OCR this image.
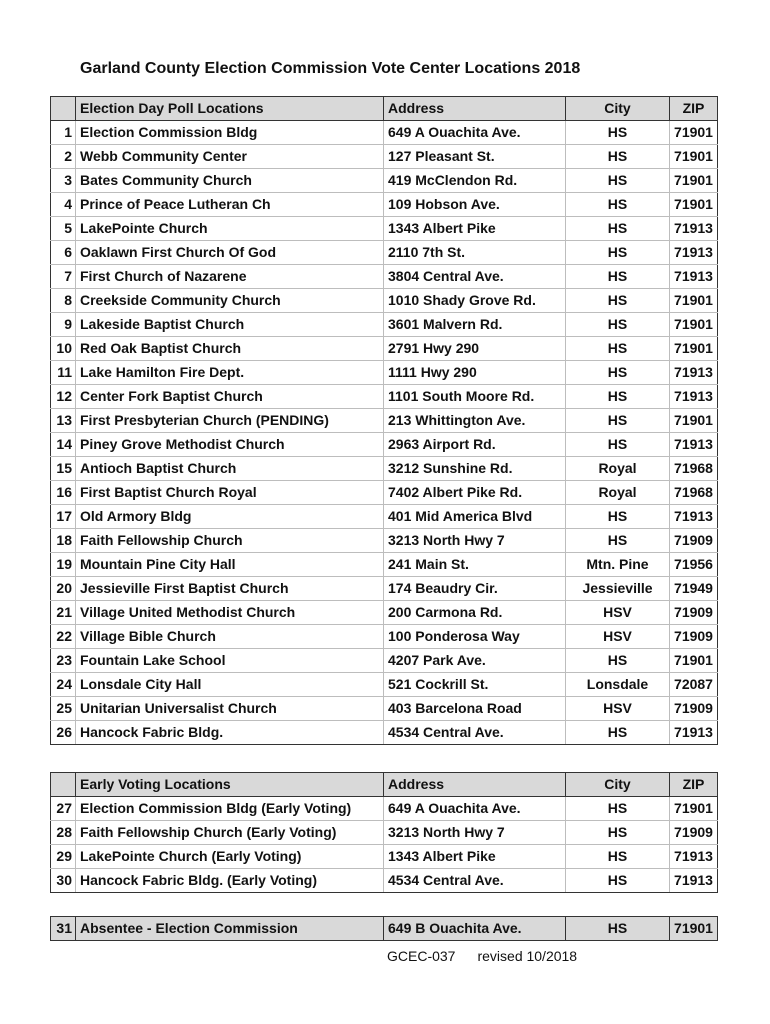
Garland County Election Commission Vote Center Locations 2018
	Election Day Poll Locations	Address	City	ZIP
1	Election Commission Bldg	649 A Ouachita Ave.	HS	71901
2	Webb Community Center	127 Pleasant St.	HS	71901
3	Bates Community Church	419 McClendon Rd.	HS	71901
4	Prince of Peace Lutheran Ch	109 Hobson Ave.	HS	71901
5	LakePointe Church	1343 Albert Pike	HS	71913
6	Oaklawn First Church Of God	2110 7th St.	HS	71913
7	First Church of Nazarene	3804 Central Ave.	HS	71913
8	Creekside Community Church	1010 Shady Grove Rd.	HS	71901
9	Lakeside Baptist Church	3601 Malvern Rd.	HS	71901
10	Red Oak Baptist Church	2791 Hwy 290	HS	71901
11	Lake Hamilton Fire Dept.	1111 Hwy 290	HS	71913
12	Center Fork Baptist Church	1101 South Moore Rd.	HS	71913
13	First Presbyterian Church (PENDING)	213 Whittington Ave.	HS	71901
14	Piney Grove Methodist Church	2963 Airport Rd.	HS	71913
15	Antioch Baptist Church	3212 Sunshine Rd.	Royal	71968
16	First Baptist Church Royal	7402 Albert Pike Rd.	Royal	71968
17	Old Armory Bldg	401 Mid America Blvd	HS	71913
18	Faith Fellowship Church	3213 North Hwy 7	HS	71909
19	Mountain Pine City Hall	241 Main St.	Mtn. Pine	71956
20	Jessieville First Baptist Church	174 Beaudry Cir.	Jessieville	71949
21	Village United Methodist Church	200 Carmona Rd.	HSV	71909
22	Village Bible Church	100 Ponderosa Way	HSV	71909
23	Fountain Lake School	4207 Park Ave.	HS	71901
24	Lonsdale City Hall	521 Cockrill St.	Lonsdale	72087
25	Unitarian Universalist Church	403 Barcelona Road	HSV	71909
26	Hancock Fabric Bldg.	4534 Central Ave.	HS	71913
	Early Voting Locations	Address	City	ZIP
27	Election Commission Bldg (Early Voting)	649 A Ouachita Ave.	HS	71901
28	Faith Fellowship Church (Early Voting)	3213 North Hwy 7	HS	71909
29	LakePointe Church (Early Voting)	1343 Albert Pike	HS	71913
30	Hancock Fabric Bldg. (Early Voting)	4534 Central Ave.	HS	71913
31	Absentee - Election Commission	649 B Ouachita Ave.	HS	71901
GCEC-037 revised 10/2018
